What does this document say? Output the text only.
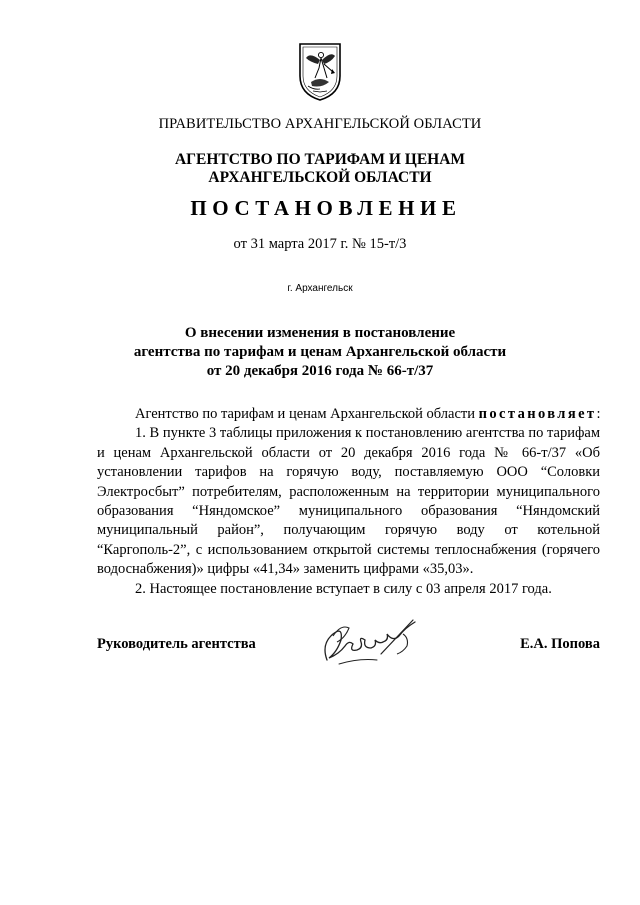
ПРАВИТЕЛЬСТВО АРХАНГЕЛЬСКОЙ ОБЛАСТИ

АГЕНТСТВО ПО ТАРИФАМ И ЦЕНАМ
АРХАНГЕЛЬСКОЙ ОБЛАСТИ

ПОСТАНОВЛЕНИЕ

от 31 марта 2017 г. № 15-т/3

г. Архангельск

О внесении изменения в постановление
агентства по тарифам и ценам Архангельской области
от 20 декабря 2016 года № 66-т/37

Агентство по тарифам и ценам Архангельской области постановляет:

1. В пункте 3 таблицы приложения к постановлению агентства по тарифам и ценам Архангельской области от 20 декабря 2016 года № 66-т/37 «Об установлении тарифов на горячую воду, поставляемую ООО “Соловки Электросбыт” потребителям, расположенным на территории муниципального образования “Няндомское” муниципального образования “Няндомский муниципальный район”, получающим горячую воду от котельной “Каргополь-2”, с использованием открытой системы теплоснабжения (горячего водоснабжения)» цифры «41,34» заменить цифрами «35,03».

2. Настоящее постановление вступает в силу с 03 апреля 2017 года.

Руководитель агентства	Е.А. Попова
